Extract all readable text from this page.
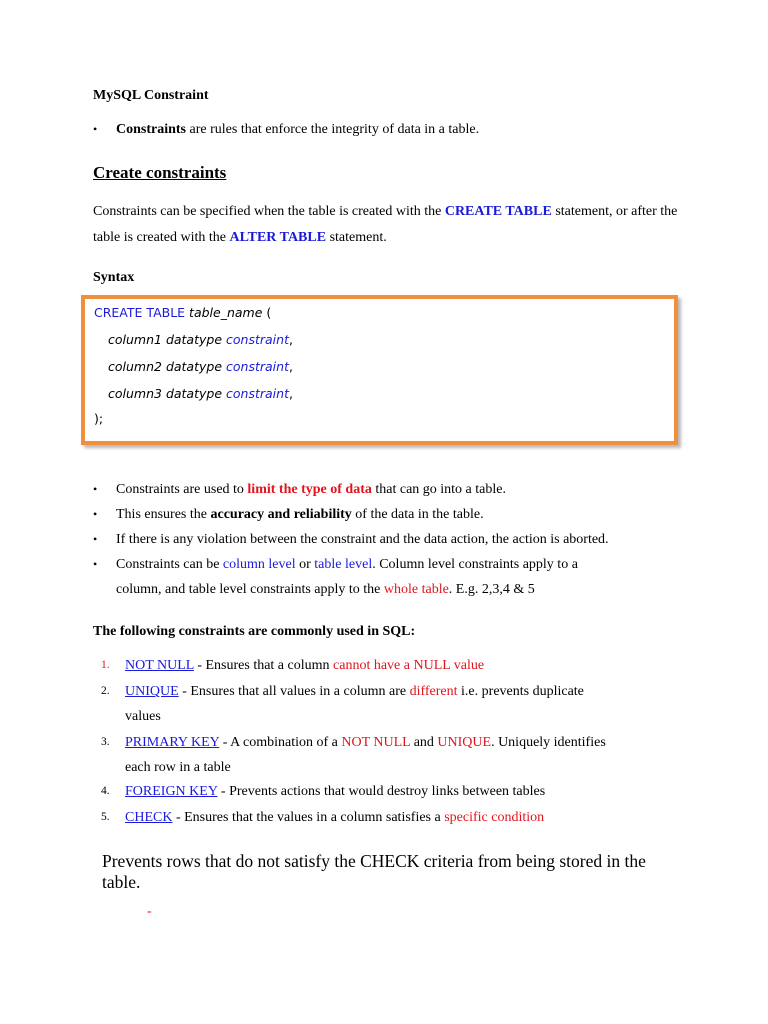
MySQL Constraint
•	Constraints are rules that enforce the integrity of data in a table.
Create constraints
Constraints can be specified when the table is created with the CREATE TABLE statement, or after the table is created with the ALTER TABLE statement.
Syntax
CREATE TABLE table_name (
column1 datatype constraint,
column2 datatype constraint,
column3 datatype constraint,
);
•	Constraints are used to limit the type of data that can go into a table.
•	This ensures the accuracy and reliability of the data in the table.
•	If there is any violation between the constraint and the data action, the action is aborted.
•	Constraints can be column level or table level. Column level constraints apply to a
column, and table level constraints apply to the whole table. E.g. 2,3,4 & 5
The following constraints are commonly used in SQL:
1. NOT NULL - Ensures that a column cannot have a NULL value
2. UNIQUE - Ensures that all values in a column are different i.e. prevents duplicate
values
3. PRIMARY KEY - A combination of a NOT NULL and UNIQUE. Uniquely identifies
each row in a table
4. FOREIGN KEY - Prevents actions that would destroy links between tables
5. CHECK - Ensures that the values in a column satisfies a specific condition
Prevents rows that do not satisfy the CHECK criteria from being stored in the table.
-
